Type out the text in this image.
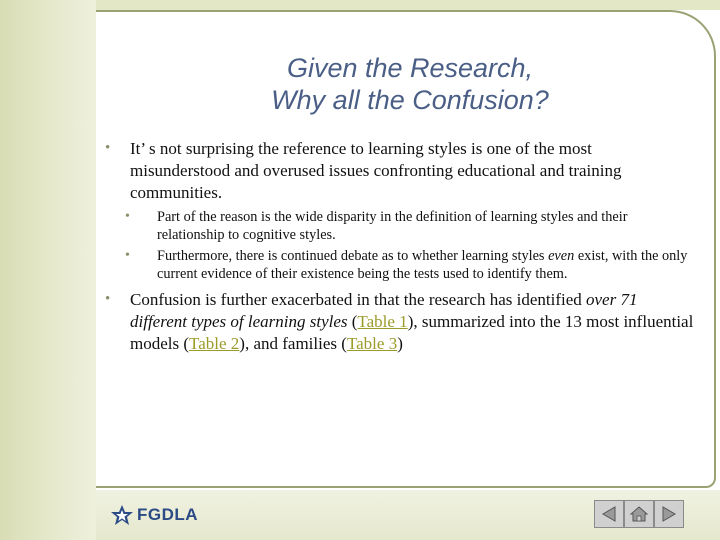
Given the Research,
Why all the Confusion?

• It’ s not surprising the reference to learning styles is one of the most misunderstood and overused issues confronting educational and training communities.

• Part of the reason is the wide disparity in the definition of learning styles and their relationship to cognitive styles.

• Furthermore, there is continued debate as to whether learning styles even exist, with the only current evidence of their existence being the tests used to identify them.

• Confusion is further exacerbated in that the research has identified over 71 different types of learning styles (Table 1), summarized into the 13 most influential models (Table 2), and families (Table 3)

FGDLA
